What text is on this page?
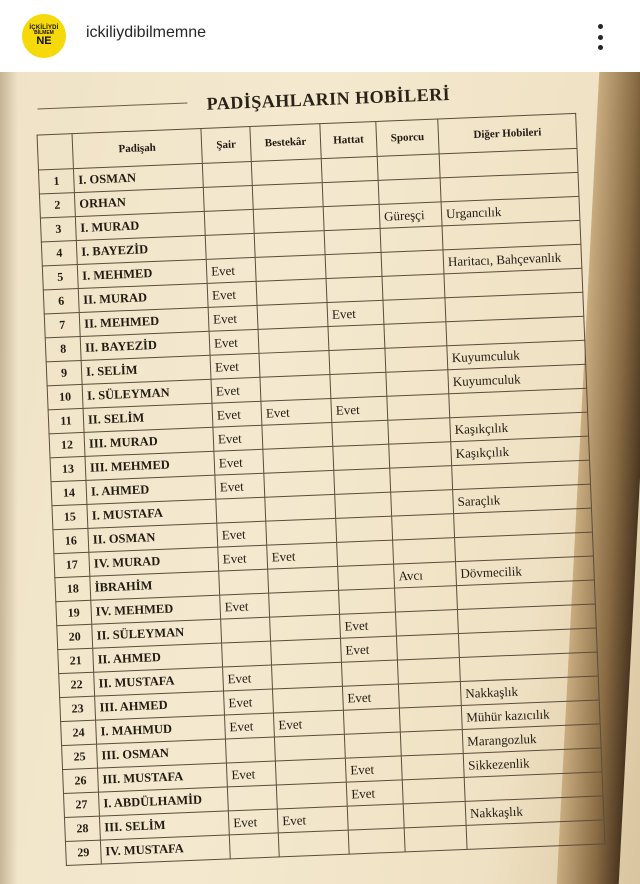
İÇKİLİYDİ
BİLMEM
NE ickiliydibilmemne
PADİŞAHLARIN HOBİLERİ
	Padişah	Şair	Bestekâr	Hattat	Sporcu	Diğer Hobileri
1	I. OSMAN					
2	ORHAN					
3	I. MURAD				Güreşçi	Urgancılık
4	I. BAYEZİD					
5	I. MEHMED	Evet				Haritacı, Bahçevanlık
6	II. MURAD	Evet				
7	II. MEHMED	Evet		Evet		
8	II. BAYEZİD	Evet				
9	I. SELİM	Evet				Kuyumculuk
10	I. SÜLEYMAN	Evet				Kuyumculuk
11	II. SELİM	Evet	Evet	Evet		
12	III. MURAD	Evet				Kaşıkçılık
13	III. MEHMED	Evet				Kaşıkçılık
14	I. AHMED	Evet				
15	I. MUSTAFA					Saraçlık
16	II. OSMAN	Evet				
17	IV. MURAD	Evet	Evet			
18	İBRAHİM				Avcı	Dövmecilik
19	IV. MEHMED	Evet				
20	II. SÜLEYMAN			Evet		
21	II. AHMED			Evet		
22	II. MUSTAFA	Evet				
23	III. AHMED	Evet		Evet		Nakkaşlık
24	I. MAHMUD	Evet	Evet			Mühür kazıcılık
25	III. OSMAN					Marangozluk
26	III. MUSTAFA	Evet		Evet		Sikkezenlik
27	I. ABDÜLHAMİD			Evet		
28	III. SELİM	Evet	Evet			Nakkaşlık
29	IV. MUSTAFA					
